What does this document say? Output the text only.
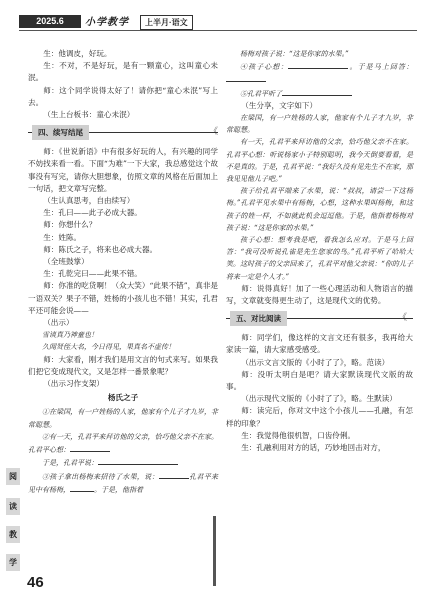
2025.6	小学教学	上半月·语文
阅
读
教
学
46

生：他调皮，好玩。

生：不对，不是好玩，是有一颗童心，这叫童心未泯。

师：这个同学说得太好了！请你把“童心未泯”写上去。

（生上台板书：童心未泯）

四、续写结尾	《

师：《世说新语》中有很多好玩的人，有兴趣的同学不妨找来看一看。下面“为难”一下大家，我总感觉这个故事没有写完，请你大胆想象，仿照文章的风格在后面加上一句话，把文章写完整。

（生认真思考，自由续写）

生：孔曰——此子必成大器。

师：你想什么？

生：姓陈。

师：陈氏之子，将来也必成大器。

（全班鼓掌）

生：孔乾完曰——此果不错。

师：你准的吃货啊！（众大笑）“此果不错”，真非是一语双关？果子不错，姓杨的小孩儿也不错！其实，孔君平还可能会说——

（出示）

雪谈真乃神童也！

久闻贤侄大名，今日得见，果真名不虚传！

师：大家看，刚才我们是用文言的句式来写。如果我们把它变成现代文，又是怎样一番景象呢？

（出示习作支架）

杨氏之子

①在梁国，有一户姓杨的人家，他家有个儿子才九岁，非常聪慧。

②有一天，孔君平来拜访他的父亲，恰巧他父亲不在家。孔君平心想：

于是，孔君平说：

③孩子拿出杨梅来招待了水果，说：	孔君平来见中有杨梅，	。于是，他指着

杨梅对孩子说：“这是你家的水果。”

④孩子心想：	。于是马上回答：

⑤孔君平听了

（生分享，文字如下）

在梁国，有一户姓杨的人家，他家有个儿子才九岁，非常聪慧。

有一天，孔君平来拜访他的父亲，恰巧他父亲不在家。孔君平心想：听说杨家小子特别聪明，我今天倒要看看，是不是真的。于是，孔君平说：“我好久没有见先生不在家，那我见见他儿子吧。”

孩子给孔君平端来了水果，说：“叔叔，请尝一下这杨梅。”孔君平见水果中有杨梅，心想，这种水果叫杨梅，和这孩子的姓一样，不如就此机会逗逗他。于是，他指着杨梅对孩子说：“这是你家的水果。”

孩子心想：想考我是吧，看我怎么应对。于是马上回答：“我可没听说孔雀是先生您家的鸟。”孔君平听了哈哈大笑。这时孩子的父亲回来了，孔君平对他父亲说：“你的儿子将来一定是个人才。”

师：说得真好！加了一些心理活动和人物语言的描写，文章就变得更生动了，这是现代文的优势。

五、对比阅读	《

师：同学们，像这样的文言文还有很多，我再给大家读一篇，请大家感受感受。

（出示文言文版的《小时了了》，略。范读）

师：没听太明白是吧？请大家默读现代文版的故事。

（出示现代文版的《小时了了》，略。生默读）

师：读完后，你对文中这个小孩儿——孔融，有怎样的印象？

生：我觉得他很机智，口齿伶俐。

生：孔融利用对方的话，巧妙地回击对方，
